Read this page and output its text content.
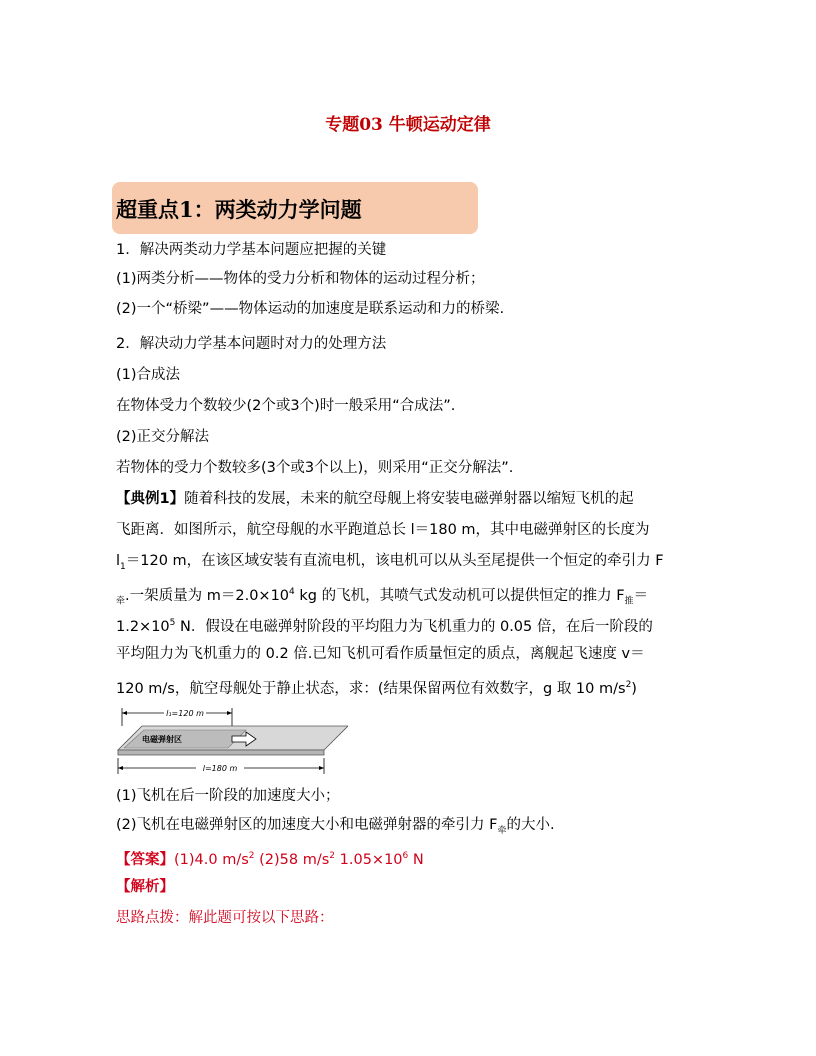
专题03 牛顿运动定律
超重点1：两类动力学问题
1．解决两类动力学基本问题应把握的关键
(1)两类分析——物体的受力分析和物体的运动过程分析；
(2)一个“桥梁”——物体运动的加速度是联系运动和力的桥梁.
2．解决动力学基本问题时对力的处理方法
(1)合成法
在物体受力个数较少(2个或3个)时一般采用“合成法”.
(2)正交分解法
若物体的受力个数较多(3个或3个以上)，则采用“正交分解法”.
【典例1】随着科技的发展，未来的航空母舰上将安装电磁弹射器以缩短飞机的起
飞距离．如图所示，航空母舰的水平跑道总长 l＝180 m，其中电磁弹射区的长度为
$l_1=120$ m，在该区域安装有直流电机，该电机可以从头至尾提供一个恒定的牵引力 F
$_牵$.一架质量为 $m=2.0\times 10^4$ kg 的飞机，其喷气式发动机可以提供恒定的推力 $F_推=$
$1.2\times 10^5$ N．假设在电磁弹射阶段的平均阻力为飞机重力的 0.05 倍，在后一阶段的
平均阻力为飞机重力的 0.2 倍.已知飞机可看作质量恒定的质点，离舰起飞速度 v＝
120 m/s，航空母舰处于静止状态，求：(结果保留两位有效数字，g 取 10 $m/s^2$)
l₁=120 m
电磁弹射区
l=180 m
(1)飞机在后一阶段的加速度大小；
(2)飞机在电磁弹射区的加速度大小和电磁弹射器的牵引力 $F_牵$的大小.
【答案】(1)4.0 $m/s^2$ (2)58 $m/s^2$ $1.05\times 10^6$ N
【解析】
思路点拨：解此题可按以下思路：
